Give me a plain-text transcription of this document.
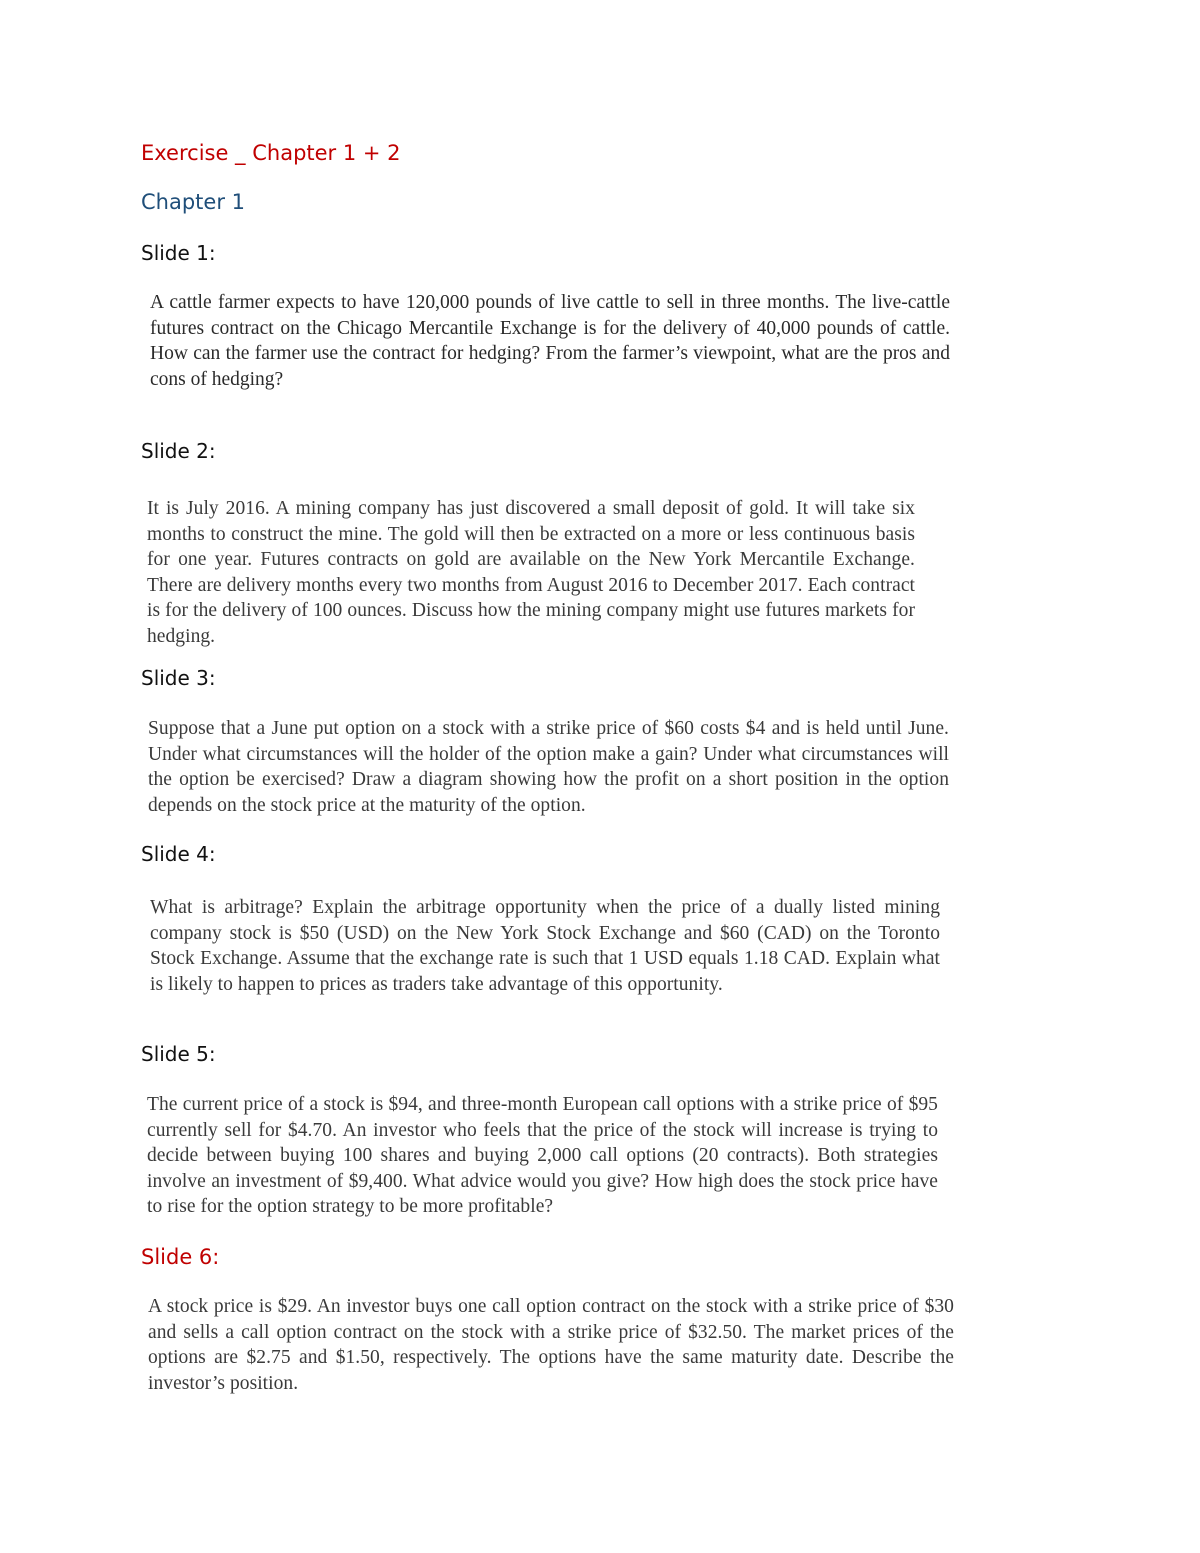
Exercise _ Chapter 1 + 2
Chapter 1
Slide 1:
A cattle farmer expects to have 120,000 pounds of live cattle to sell in three months. The live-cattle futures contract on the Chicago Mercantile Exchange is for the delivery of 40,000 pounds of cattle. How can the farmer use the contract for hedging? From the farmer’s viewpoint, what are the pros and cons of hedging?
Slide 2:
It is July 2016. A mining company has just discovered a small deposit of gold. It will take six months to construct the mine. The gold will then be extracted on a more or less continuous basis for one year. Futures contracts on gold are available on the New York Mercantile Exchange. There are delivery months every two months from August 2016 to December 2017. Each contract is for the delivery of 100 ounces. Discuss how the mining company might use futures markets for hedging.
Slide 3:
Suppose that a June put option on a stock with a strike price of $60 costs $4 and is held until June. Under what circumstances will the holder of the option make a gain? Under what circumstances will the option be exercised? Draw a diagram showing how the profit on a short position in the option depends on the stock price at the maturity of the option.
Slide 4:
What is arbitrage? Explain the arbitrage opportunity when the price of a dually listed mining company stock is $50 (USD) on the New York Stock Exchange and $60 (CAD) on the Toronto Stock Exchange. Assume that the exchange rate is such that 1 USD equals 1.18 CAD. Explain what is likely to happen to prices as traders take advantage of this opportunity.
Slide 5:
The current price of a stock is $94, and three-month European call options with a strike price of $95 currently sell for $4.70. An investor who feels that the price of the stock will increase is trying to decide between buying 100 shares and buying 2,000 call options (20 contracts). Both strategies involve an investment of $9,400. What advice would you give? How high does the stock price have to rise for the option strategy to be more profitable?
Slide 6:
A stock price is $29. An investor buys one call option contract on the stock with a strike price of $30 and sells a call option contract on the stock with a strike price of $32.50. The market prices of the options are $2.75 and $1.50, respectively. The options have the same maturity date. Describe the investor’s position.
